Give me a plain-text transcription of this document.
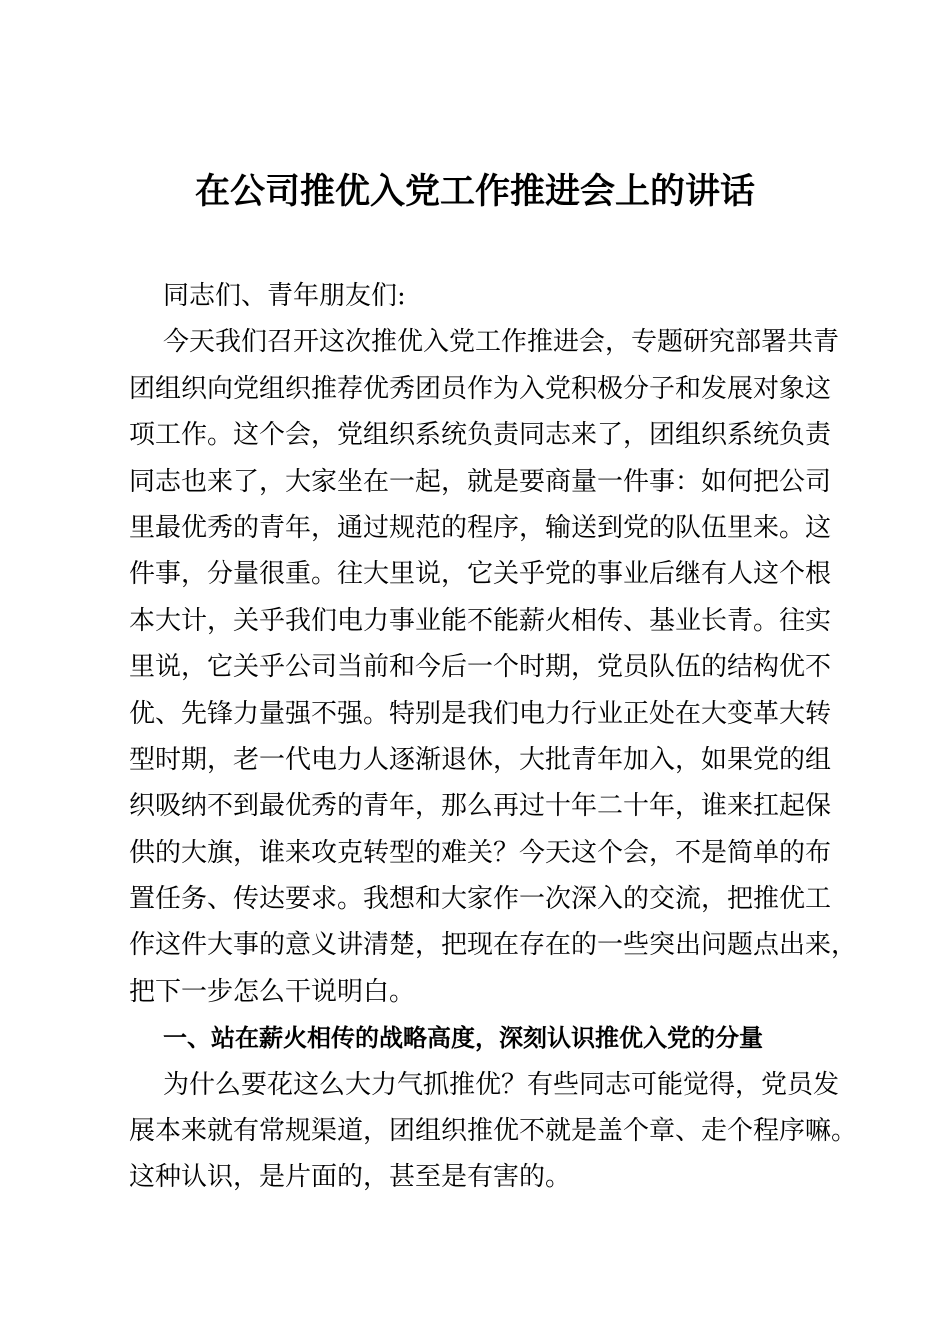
在公司推优入党工作推进会上的讲话
同志们、青年朋友们:
今天我们召开这次推优入党工作推进会，专题研究部署共青
团组织向党组织推荐优秀团员作为入党积极分子和发展对象这
项工作。这个会，党组织系统负责同志来了，团组织系统负责
同志也来了，大家坐在一起，就是要商量一件事：如何把公司
里最优秀的青年，通过规范的程序，输送到党的队伍里来。这
件事，分量很重。往大里说，它关乎党的事业后继有人这个根
本大计，关乎我们电力事业能不能薪火相传、基业长青。往实
里说，它关乎公司当前和今后一个时期，党员队伍的结构优不
优、先锋力量强不强。特别是我们电力行业正处在大变革大转
型时期，老一代电力人逐渐退休，大批青年加入，如果党的组
织吸纳不到最优秀的青年，那么再过十年二十年，谁来扛起保
供的大旗，谁来攻克转型的难关？今天这个会，不是简单的布
置任务、传达要求。我想和大家作一次深入的交流，把推优工
作这件大事的意义讲清楚，把现在存在的一些突出问题点出来，
把下一步怎么干说明白。
一、站在薪火相传的战略高度，深刻认识推优入党的分量
为什么要花这么大力气抓推优？有些同志可能觉得，党员发
展本来就有常规渠道，团组织推优不就是盖个章、走个程序嘛。
这种认识，是片面的，甚至是有害的。
